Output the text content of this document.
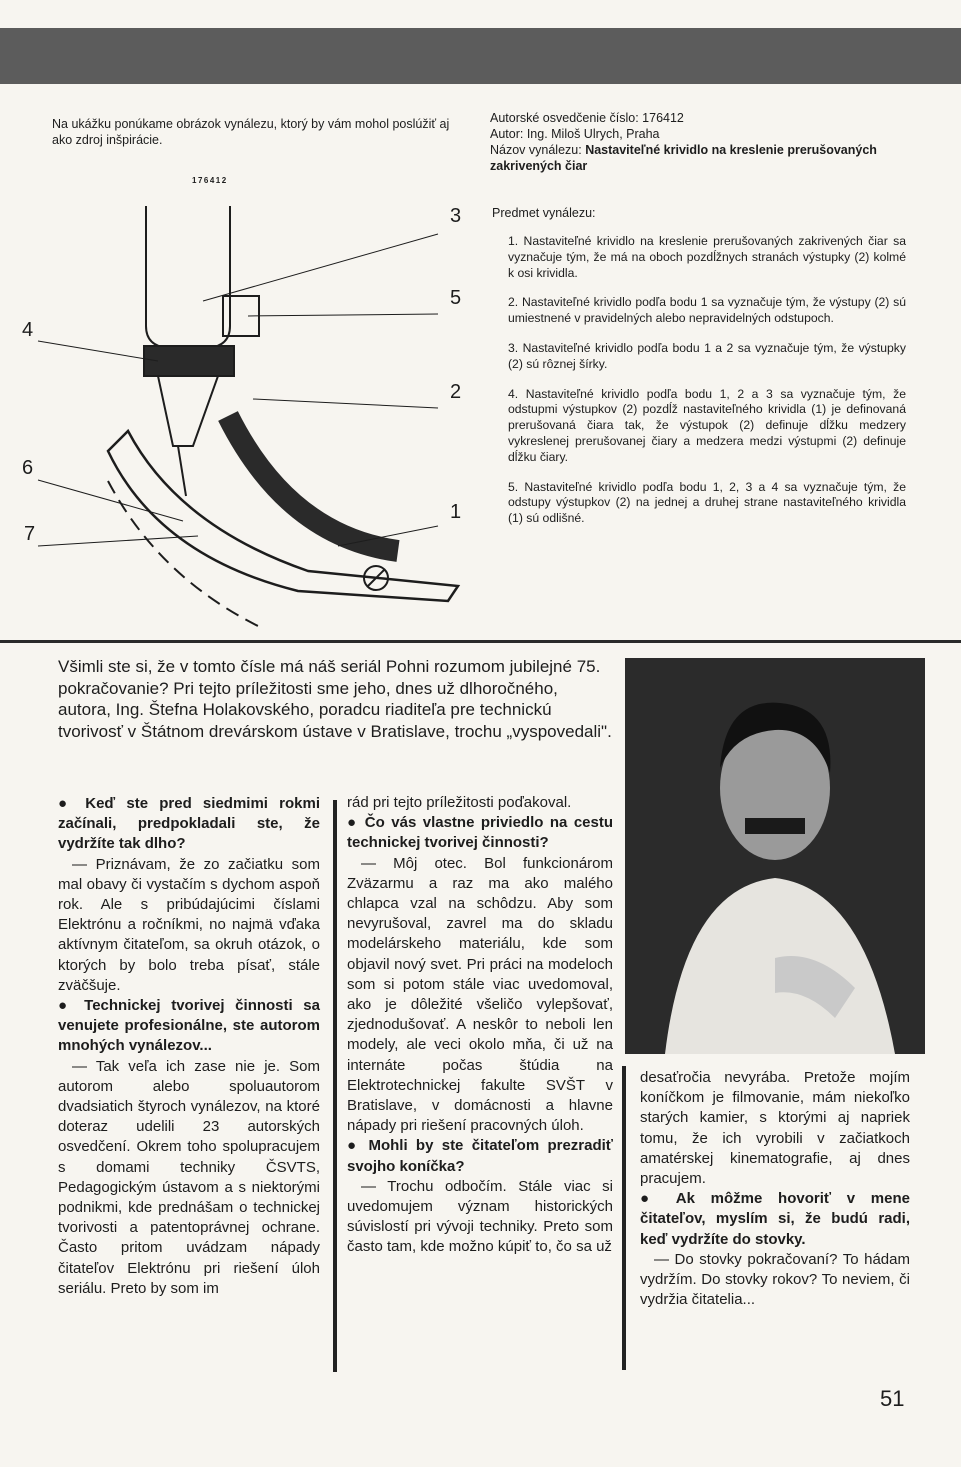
Na ukážku ponúkame obrázok vynálezu, ktorý by vám mohol poslúžiť aj ako zdroj inšpirácie.
176412
3
5
4
2
6
1
7
Autorské osvedčenie číslo: 176412
Autor: Ing. Miloš Ulrych, Praha
Názov vynálezu: Nastaviteľné krividlo na kreslenie prerušovaných zakrivených čiar
Predmet vynálezu:

1. Nastaviteľné krividlo na kreslenie prerušovaných zakrivených čiar sa vyznačuje tým, že má na oboch pozdĺžnych stranách výstupky (2) kolmé k osi krividla.

2. Nastaviteľné krividlo podľa bodu 1 sa vyznačuje tým, že výstupy (2) sú umiestnené v pravidelných alebo nepravidelných odstupoch.

3. Nastaviteľné krividlo podľa bodu 1 a 2 sa vyznačuje tým, že výstupky (2) sú rôznej šírky.

4. Nastaviteľné krividlo podľa bodu 1, 2 a 3 sa vyznačuje tým, že odstupmi výstupkov (2) pozdĺž nastaviteľného krividla (1) je definovaná prerušovaná čiara tak, že výstupok (2) definuje dĺžku medzery vykreslenej prerušovanej čiary a medzera medzi výstupmi (2) definuje dĺžku čiary.

5. Nastaviteľné krividlo podľa bodu 1, 2, 3 a 4 sa vyznačuje tým, že odstupy výstupkov (2) na jednej a druhej strane nastaviteľného krividla (1) sú odlišné.

Všimli ste si, že v tomto čísle má náš seriál Pohni rozumom jubilejné 75. pokračovanie? Pri tejto príležitosti sme jeho, dnes už dlhoročného, autora, Ing. Štefna Holakovského, poradcu riaditeľa pre technickú tvorivosť v Štátnom drevárskom ústave v Bratislave, trochu „vyspovedali".

● Keď ste pred siedmimi rokmi začínali, predpokladali ste, že vydržíte tak dlho?

— Priznávam, že zo začiatku som mal obavy či vystačím s dychom aspoň rok. Ale s pribúdajúcimi číslami Elektrónu a ročníkmi, no najmä vďaka aktívnym čitateľom, sa okruh otázok, o ktorých by bolo treba písať, stále zväčšuje.

● Technickej tvorivej činnosti sa venujete profesionálne, ste autorom mnohých vynálezov...

— Tak veľa ich zase nie je. Som autorom alebo spoluautorom dvadsiatich štyroch vynálezov, na ktoré doteraz udelili 23 autorských osvedčení. Okrem toho spolupracujem s domami techniky ČSVTS, Pedagogickým ústavom a s niektorými podnikmi, kde prednášam o technickej tvorivosti a patentoprávnej ochrane. Často pritom uvádzam nápady čitateľov Elektrónu pri riešení úloh seriálu. Preto by som im

rád pri tejto príležitosti poďakoval.

● Čo vás vlastne priviedlo na cestu technickej tvorivej činnosti?

— Môj otec. Bol funkcionárom Zväzarmu a raz ma ako malého chlapca vzal na schôdzu. Aby som nevyrušoval, zavrel ma do skladu modelárskeho materiálu, kde som objavil nový svet. Pri práci na modeloch som si potom stále viac uvedomoval, ako je dôležité všeličo vylepšovať, zjednodušovať. A neskôr to neboli len modely, ale veci okolo mňa, či už na internáte počas štúdia na Elektrotechnickej fakulte SVŠT v Bratislave, v domácnosti a hlavne nápady pri riešení pracovných úloh.

● Mohli by ste čitateľom prezradiť svojho koníčka?

— Trochu odbočím. Stále viac si uvedomujem význam historických súvislostí pri vývoji techniky. Preto som často tam, kde možno kúpiť to, čo sa už

desaťročia nevyrába. Pretože mojím koníčkom je filmovanie, mám niekoľko starých kamier, s ktorými aj napriek tomu, že ich vyrobili v začiatkoch amatérskej kinematografie, aj dnes pracujem.

● Ak môžme hovoriť v mene čitateľov, myslím si, že budú radi, keď vydržíte do stovky.

— Do stovky pokračovaní? To hádam vydržím. Do stovky rokov? To neviem, či vydržia čitatelia...

51
